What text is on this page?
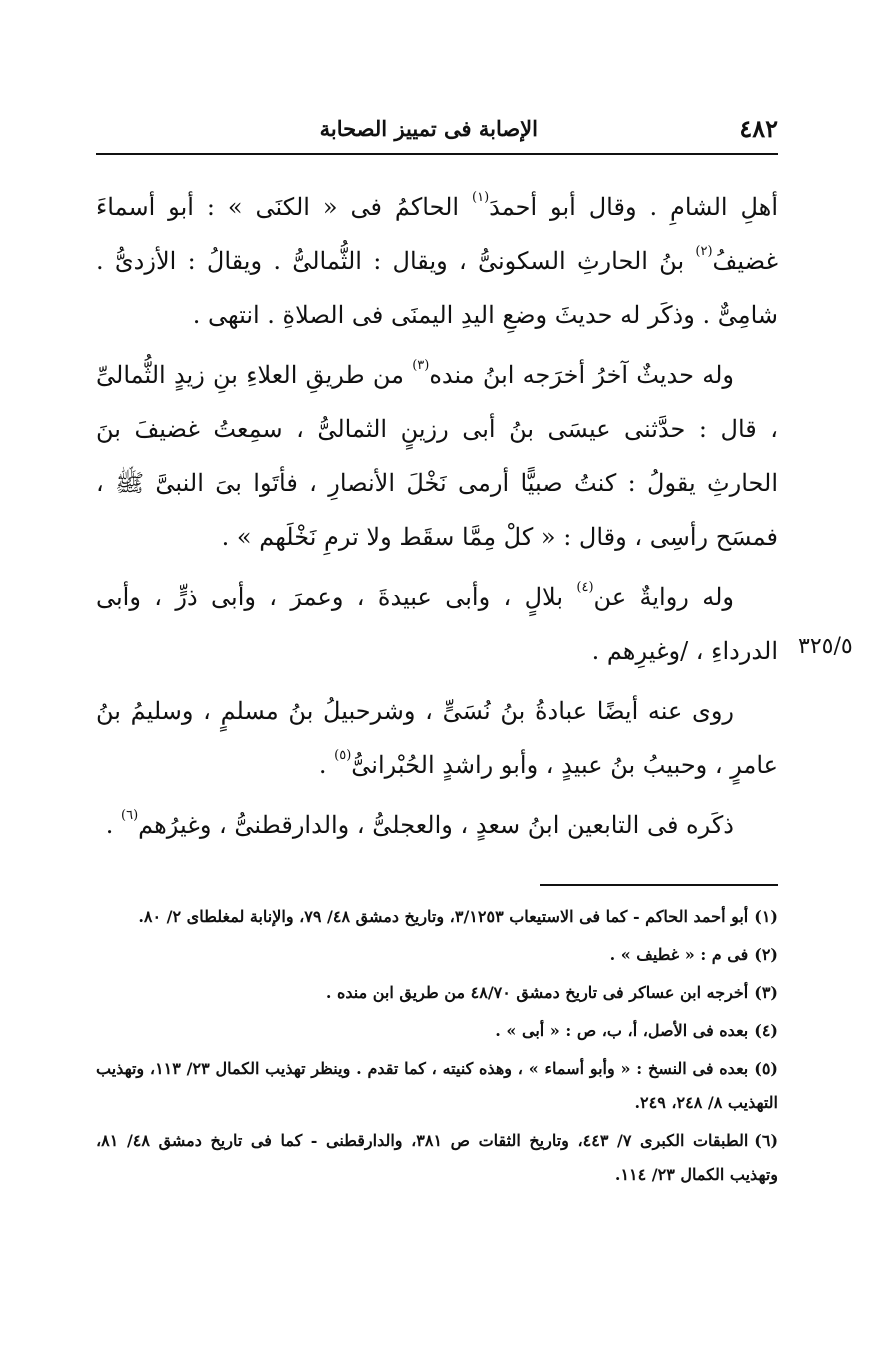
٤٨٢
الإصابة فى تمييز الصحابة

أهلِ الشامِ . وقال أبو أحمدَ$^{(١)}$ الحاكمُ فى « الكنَى » : أبو أسماءَ غضيفُ$^{(٢)}$ بنُ الحارثِ السكونىُّ ، ويقال : الثُّمالىُّ . ويقالُ : الأزدىُّ . شامِىٌّ . وذكَر له حديثَ وضعِ اليدِ اليمنَى فى الصلاةِ . انتهى .

وله حديثٌ آخرُ أخرَجه ابنُ منده$^{(٣)}$ من طريقِ العلاءِ بنِ زيدٍ الثُّمالىِّ ، قال : حدَّثنى عيسَى بنُ أبى رزينٍ الثمالىُّ ، سمِعتُ غضيفَ بنَ الحارثِ يقولُ : كنتُ صبيًّا أرمى نَخْلَ الأنصارِ ، فأتَوا بىَ النبىَّ ﷺ ، فمسَح رأسِى ، وقال : « كلْ مِمَّا سقَط ولا ترمِ نَخْلَهم » .

وله روايةٌ عن$^{(٤)}$ بلالٍ ، وأبى عبيدةَ ، وعمرَ ، وأبى ذرٍّ ، وأبى الدرداءِ ، /وغيرِهم .

روى عنه أيضًا عبادةُ بنُ نُسَىٍّ ، وشرحبيلُ بنُ مسلمٍ ، وسليمُ بنُ عامرٍ ، وحبيبُ بنُ عبيدٍ ، وأبو راشدٍ الحُبْرانىُّ$^{(٥)}$ .

ذكَره فى التابعين ابنُ سعدٍ ، والعجلىُّ ، والدارقطنىُّ ، وغيرُهم$^{(٦)}$ .

٣٢٥/٥
(١)أبو أحمد الحاكم - كما فى الاستيعاب ٣/١٢٥٣، وتاريخ دمشق ٤٨/ ٧٩، والإنابة لمغلطاى ٢/ ٨٠.
(٢)فى م : « غطيف » .
(٣)أخرجه ابن عساكر فى تاريخ دمشق ٤٨/٧٠ من طريق ابن منده .
(٤)بعده فى الأصل، أ، ب، ص : « أبى » .
(٥)بعده فى النسخ : « وأبو أسماء » ، وهذه كنيته ، كما تقدم . وينظر تهذيب الكمال ٢٣/ ١١٣، وتهذيب التهذيب ٨/ ٢٤٨، ٢٤٩.
(٦)الطبقات الكبرى ٧/ ٤٤٣، وتاريخ الثقات ص ٣٨١، والدارقطنى - كما فى تاريخ دمشق ٤٨/ ٨١، وتهذيب الكمال ٢٣/ ١١٤.
